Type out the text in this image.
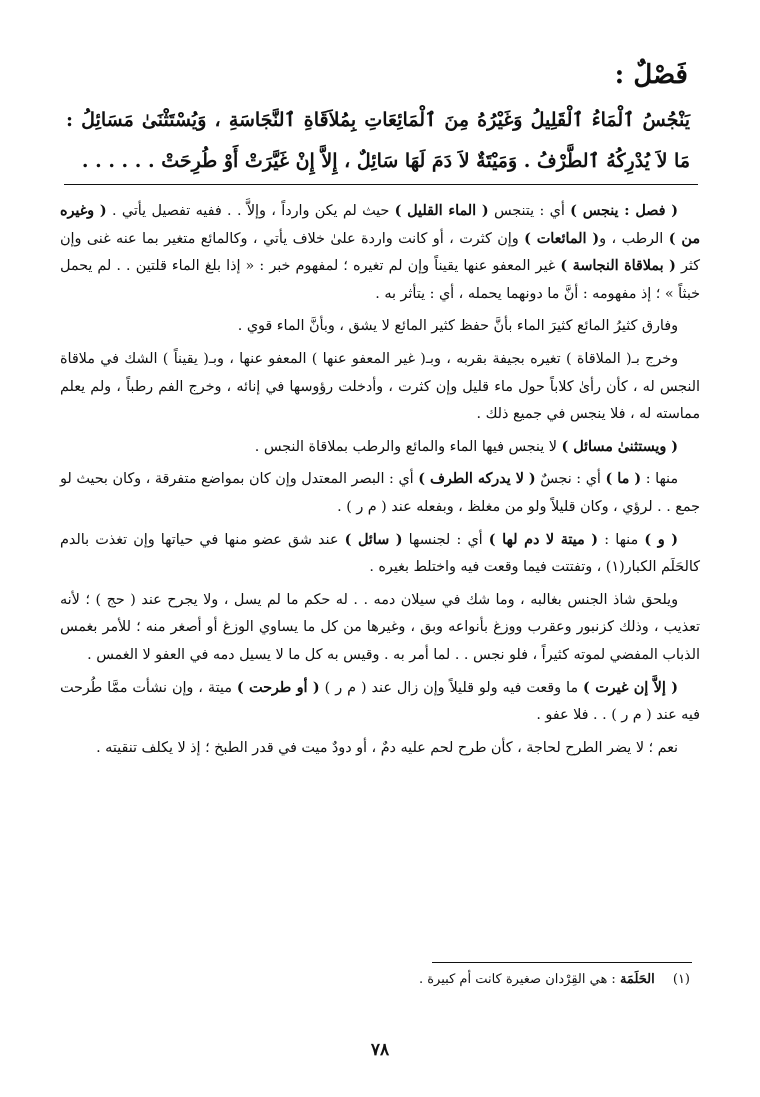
فَصْلٌ :
يَنْجُسُ ٱلْمَاءُ ٱلْقَلِيلُ وَغَيْرُهُ مِنَ ٱلْمَائِعَاتِ بِمُلاَقَاةِ ٱلنَّجَاسَةِ ، وَيُسْتَثْنَىٰ مَسَائِلُ : مَا لاَ يُدْرِكُهُ ٱلطَّرْفُ . وَمَيْتَةٌ لاَ دَمَ لَهَا سَائِلٌ ، إِلاَّ إِنْ غَيَّرَتْ أَوْ طُرِحَتْ . . . . . .

( فصل : ينجس ) أي : يتنجس ( الماء القليل ) حيث لم يكن وارداً ، وإلاَّ . . ففيه تفصيل يأتي . ( وغيره من ) الرطب ، و( المائعات ) وإن كثرت ، أو كانت واردة علىٰ خلاف يأتي ، وكالمائع متغير بما عنه غنى وإن كثر ( بملاقاة النجاسة ) غير المعفو عنها يقيناً وإن لم تغيره ؛ لمفهوم خبر : « إذا بلغ الماء قلتين . . لم يحمل خبثاً » ؛ إذ مفهومه : أنَّ ما دونهما يحمله ، أي : يتأثر به .

وفارق كثيرُ المائع كثيرَ الماء بأنَّ حفظ كثير المائع لا يشق ، وبأنَّ الماء قوي .

وخرج بـ( الملاقاة ) تغيره بجيفة بقربه ، وبـ( غير المعفو عنها ) المعفو عنها ، وبـ( يقيناً ) الشك في ملاقاة النجس له ، كأن رأىٰ كلاباً حول ماء قليل وإن كثرت ، وأدخلت رؤوسها في إنائه ، وخرج الفم رطباً ، ولم يعلم مماسته له ، فلا ينجس في جميع ذلك .

( ويستثنىٰ مسائل ) لا ينجس فيها الماء والمائع والرطب بملاقاة النجس .

منها : ( ما ) أي : نجسٌ ( لا يدركه الطرف ) أي : البصر المعتدل وإن كان بمواضع متفرقة ، وكان بحيث لو جمع . . لرؤي ، وكان قليلاً ولو من مغلظ ، وبفعله عند ( م ر ) .

( و ) منها : ( ميتة لا دم لها ) أي : لجنسها ( سائل ) عند شق عضو منها في حياتها وإن تغذت بالدم كالحَلَم الكبار(١) ، وتفتتت فيما وقعت فيه واختلط بغيره .

ويلحق شاذ الجنس بغالبه ، وما شك في سيلان دمه . . له حكم ما لم يسل ، ولا يجرح عند ( حج ) ؛ لأنه تعذيب ، وذلك كزنبور وعقرب ووزغ بأنواعه وبق ، وغيرها من كل ما يساوي الوزغ أو أصغر منه ؛ للأمر بغمس الذباب المفضي لموته كثيراً ، فلو نجس . . لما أمر به . وقيس به كل ما لا يسيل دمه في العفو لا الغمس .

( إلاَّ إن غيرت ) ما وقعت فيه ولو قليلاً وإن زال عند ( م ر ) ( أو طرحت ) ميتة ، وإن نشأت ممَّا طُرحت فيه عند ( م ر ) . . فلا عفو .

نعم ؛ لا يضر الطرح لحاجة ، كأن طرح لحم عليه دمٌ ، أو دودٌ ميت في قدر الطبخ ؛ إذ لا يكلف تنقيته .

(١) الحَلَمَة : هي القِرْدان صغيرة كانت أم كبيرة .
٧٨
